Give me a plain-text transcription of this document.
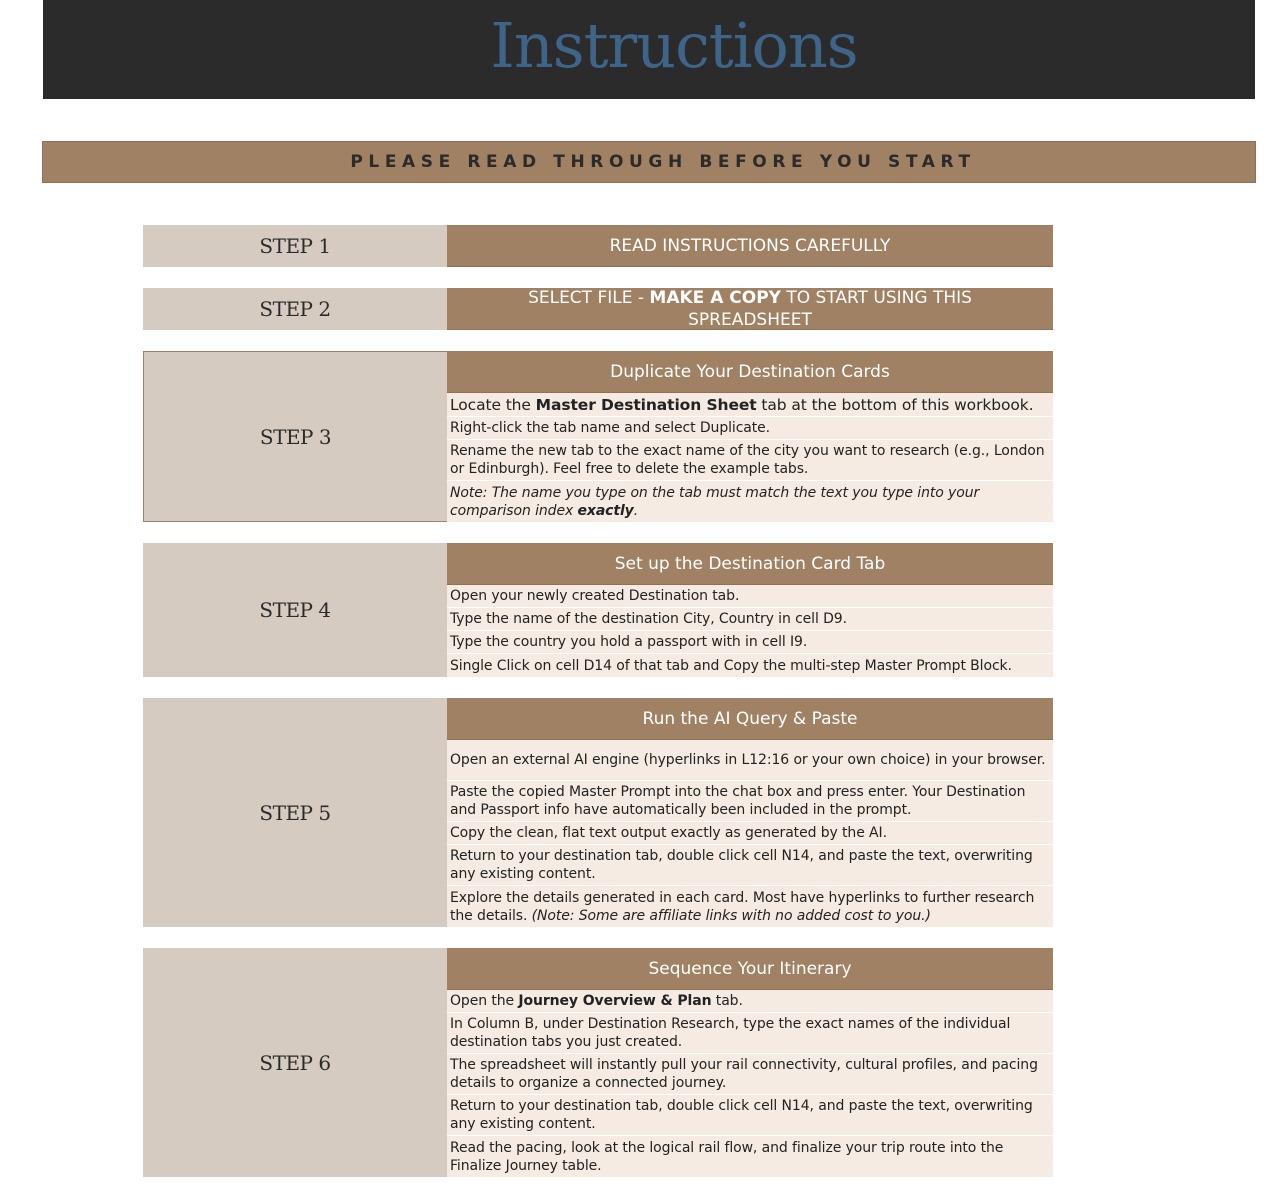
Instructions
PLEASE READ THROUGH BEFORE YOU START
STEP 1	READ INSTRUCTIONS CAREFULLY
STEP 2	SELECT FILE - MAKE A COPY TO START USING THIS SPREADSHEET
STEP 3
Duplicate Your Destination Cards
Locate the Master Destination Sheet tab at the bottom of this workbook.
Right-click the tab name and select Duplicate.
Rename the new tab to the exact name of the city you want to research (e.g., London or Edinburgh). Feel free to delete the example tabs.
Note: The name you type on the tab must match the text you type into your comparison index exactly.
STEP 4
Set up the Destination Card Tab
Open your newly created Destination tab.
Type the name of the destination City, Country in cell D9.
Type the country you hold a passport with in cell I9.
Single Click on cell D14 of that tab and Copy the multi-step Master Prompt Block.
STEP 5
Run the AI Query & Paste
Open an external AI engine (hyperlinks in L12:16 or your own choice) in your browser.
Paste the copied Master Prompt into the chat box and press enter. Your Destination and Passport info have automatically been included in the prompt.
Copy the clean, flat text output exactly as generated by the AI.
Return to your destination tab, double click cell N14, and paste the text, overwriting any existing content.
Explore the details generated in each card. Most have hyperlinks to further research the details. (Note: Some are affiliate links with no added cost to you.)
STEP 6
Sequence Your Itinerary
Open the Journey Overview & Plan tab.
In Column B, under Destination Research, type the exact names of the individual destination tabs you just created.
The spreadsheet will instantly pull your rail connectivity, cultural profiles, and pacing details to organize a connected journey.
Return to your destination tab, double click cell N14, and paste the text, overwriting any existing content.
Read the pacing, look at the logical rail flow, and finalize your trip route into the Finalize Journey table.
